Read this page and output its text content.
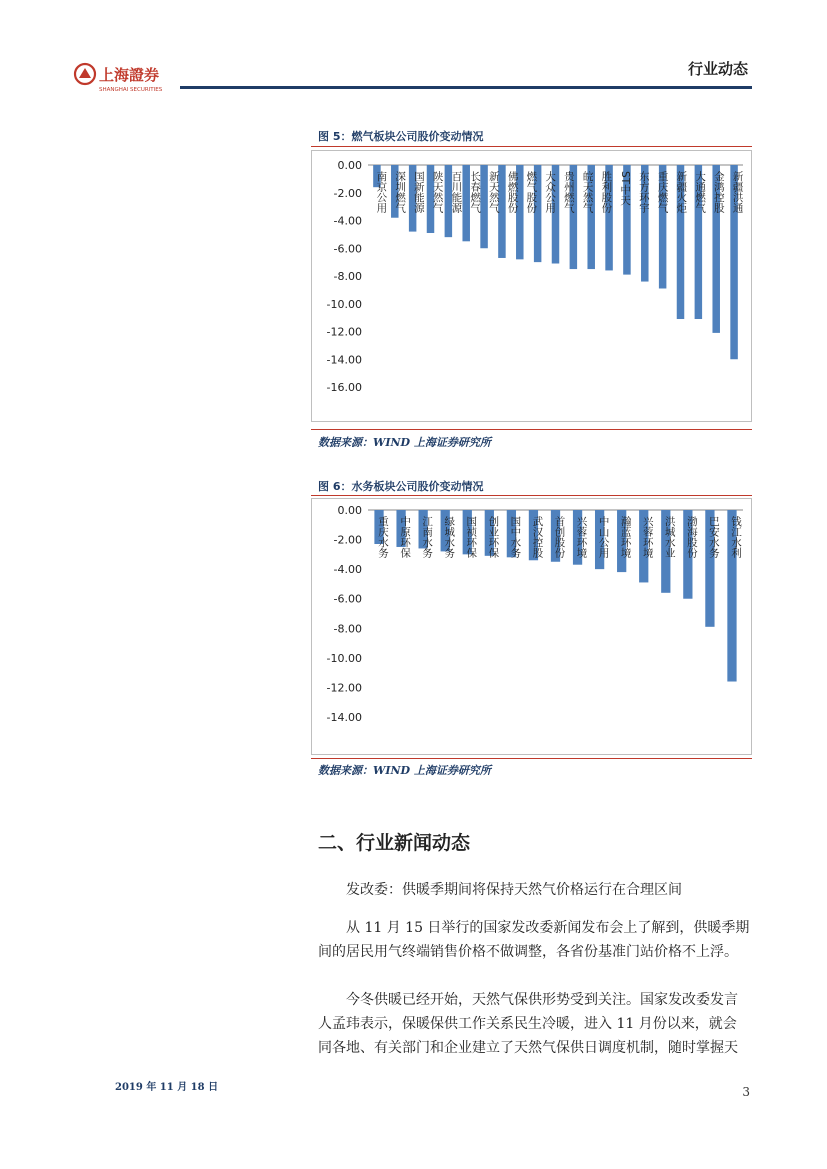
上海證券
SHANGHAI SECURITIES
行业动态
图 5：燃气板块公司股价变动情况
0.00
-2.00
-4.00
-6.00
-8.00
-10.00
-12.00
-14.00
-16.00
南京公用 深圳燃气 国新能源 陕天然气 百川能源 长春燃气 新天然气 佛燃股份 燃气股份 大众公用 贵州燃气 皖天然气 胜利股份 ST中天 东方环宇 重庆燃气 新疆火炬 大通燃气 金鸿控股 新疆洪通
数据来源：WIND 上海证券研究所
图 6：水务板块公司股价变动情况
0.00
-2.00
-4.00
-6.00
-8.00
-10.00
-12.00
-14.00
重庆水务 中原环保 江南水务 绿城水务 国祯环保 创业环保 国中水务 武汉控股 首创股份 兴蓉环境 中山公用 瀚蓝环境 兴蓉环境 洪城水业 渤海股份 巴安水务 钱江水利
数据来源：WIND 上海证券研究所
二、行业新闻动态
发改委：供暖季期间将保持天然气价格运行在合理区间
从 11 月 15 日举行的国家发改委新闻发布会上了解到，供暖季期间的居民用气终端销售价格不做调整，各省份基准门站价格不上浮。
今冬供暖已经开始，天然气保供形势受到关注。国家发改委发言人孟玮表示，保暖保供工作关系民生冷暖，进入 11 月份以来，就会同各地、有关部门和企业建立了天然气保供日调度机制，随时掌握天
2019 年 11 月 18 日	3
